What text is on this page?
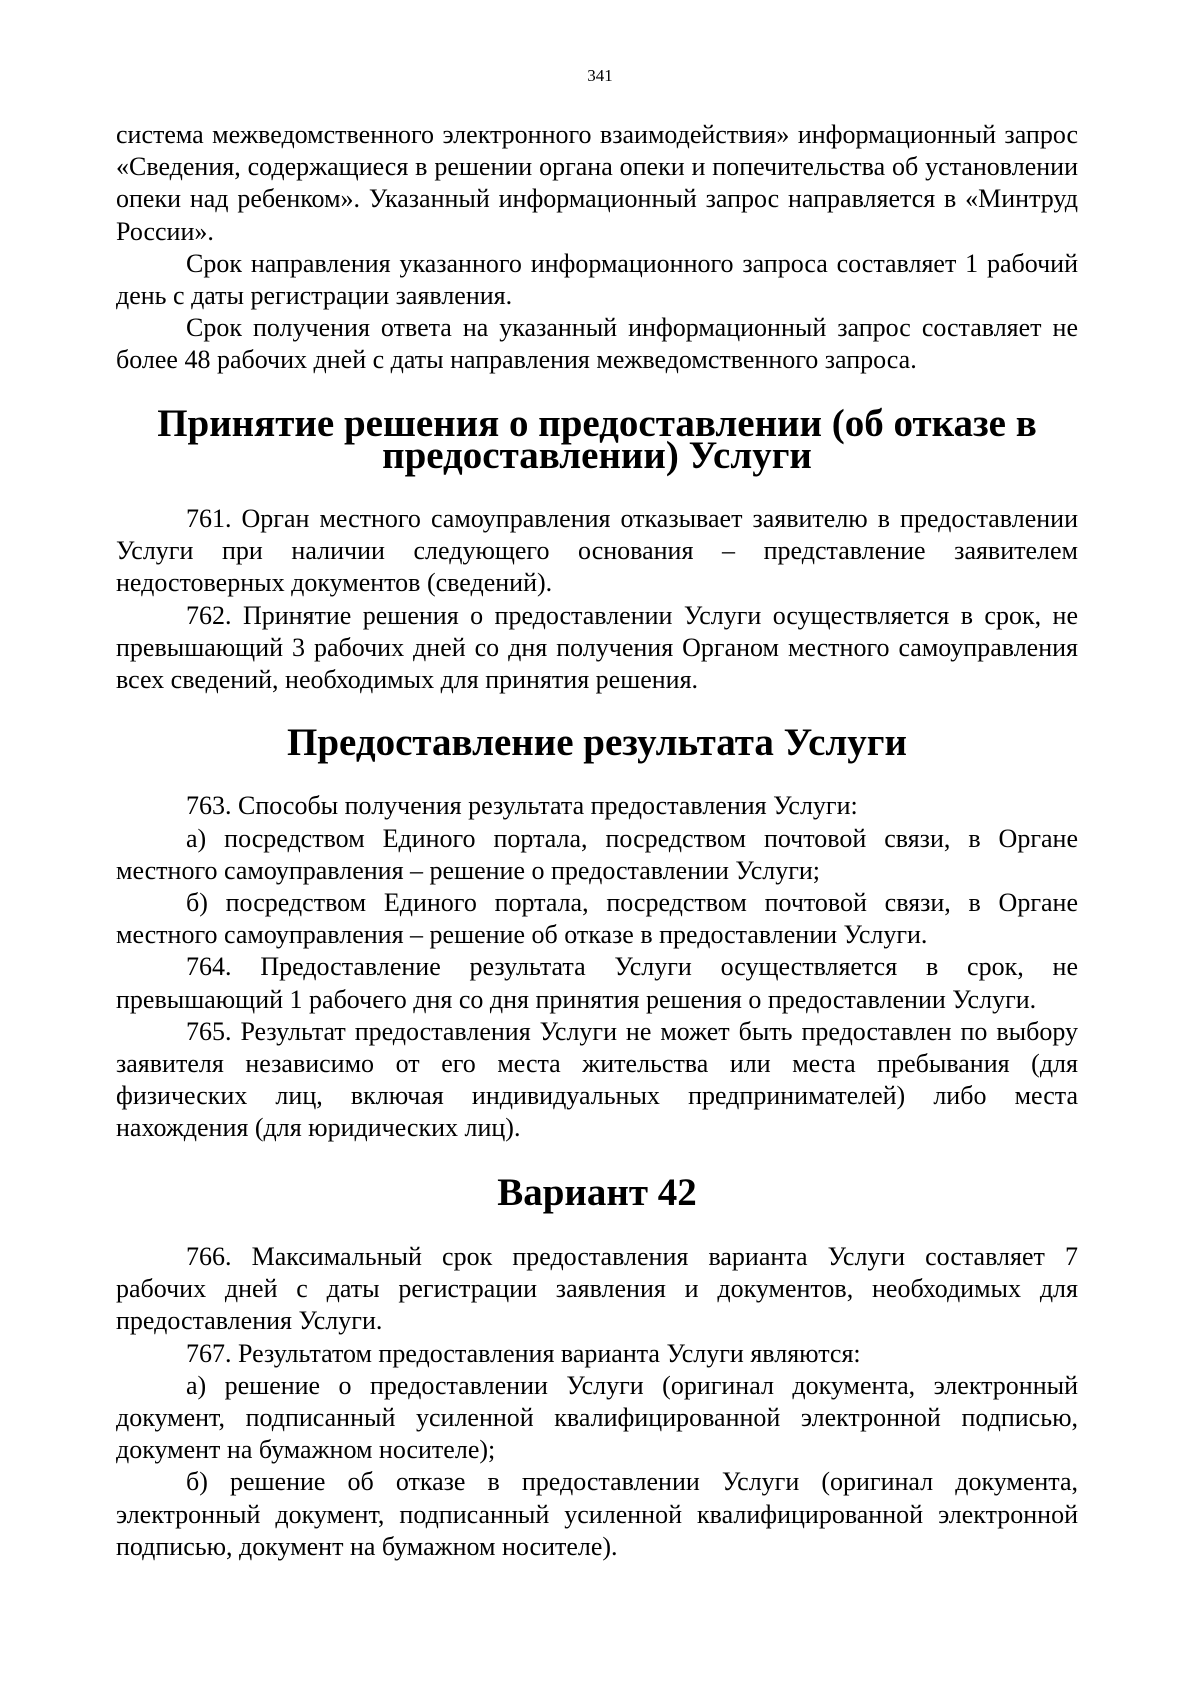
341

система межведомственного электронного взаимодействия» информационный запрос «Сведения, содержащиеся в решении органа опеки и попечительства об установлении опеки над ребенком». Указанный информационный запрос направляется в «Минтруд России».

Срок направления указанного информационного запроса составляет 1 рабочий день с даты регистрации заявления.

Срок получения ответа на указанный информационный запрос составляет не более 48 рабочих дней с даты направления межведомственного запроса.

Принятие решения о предоставлении (об отказе в предоставлении) Услуги

761. Орган местного самоуправления отказывает заявителю в предоставлении Услуги при наличии следующего основания – представление заявителем недостоверных документов (сведений).

762. Принятие решения о предоставлении Услуги осуществляется в срок, не превышающий 3 рабочих дней со дня получения Органом местного самоуправления всех сведений, необходимых для принятия решения.

Предоставление результата Услуги

763. Способы получения результата предоставления Услуги:

а) посредством Единого портала, посредством почтовой связи, в Органе местного самоуправления – решение о предоставлении Услуги;

б) посредством Единого портала, посредством почтовой связи, в Органе местного самоуправления – решение об отказе в предоставлении Услуги.

764. Предоставление результата Услуги осуществляется в срок, не превышающий 1 рабочего дня со дня принятия решения о предоставлении Услуги.

765. Результат предоставления Услуги не может быть предоставлен по выбору заявителя независимо от его места жительства или места пребывания (для физических лиц, включая индивидуальных предпринимателей) либо места нахождения (для юридических лиц).

Вариант 42

766. Максимальный срок предоставления варианта Услуги составляет 7 рабочих дней с даты регистрации заявления и документов, необходимых для предоставления Услуги.

767. Результатом предоставления варианта Услуги являются:

а) решение о предоставлении Услуги (оригинал документа, электронный документ, подписанный усиленной квалифицированной электронной подписью, документ на бумажном носителе);

б) решение об отказе в предоставлении Услуги (оригинал документа, электронный документ, подписанный усиленной квалифицированной электронной подписью, документ на бумажном носителе).
